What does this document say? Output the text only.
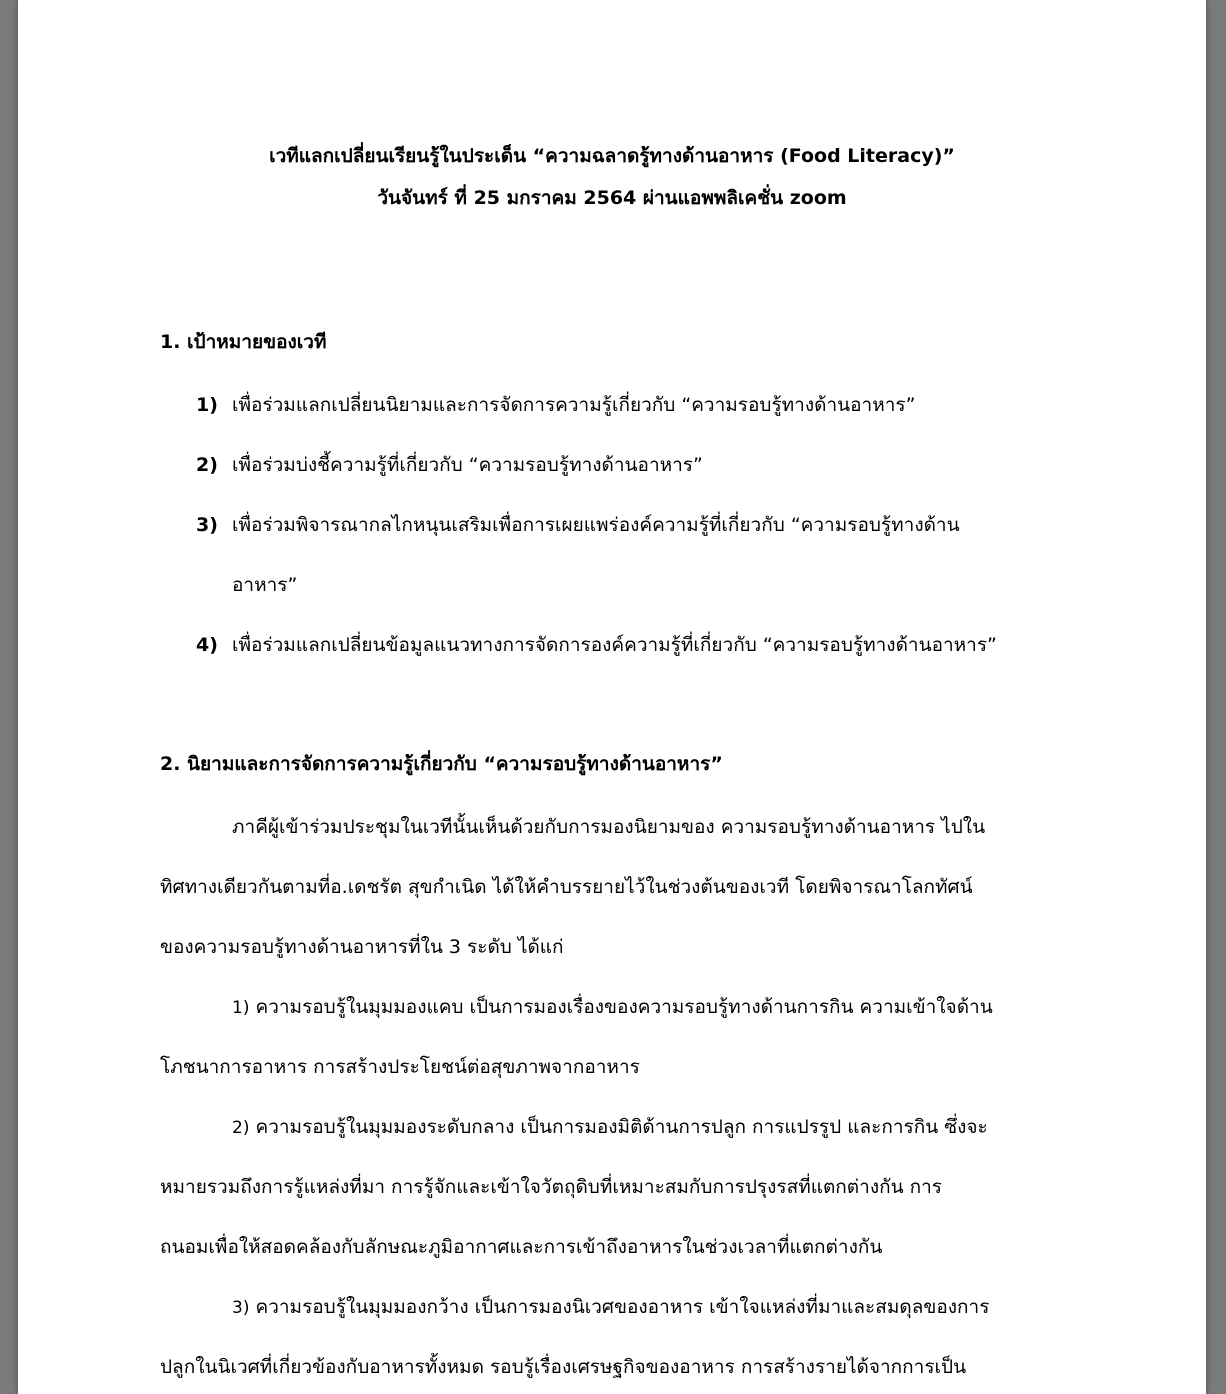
เวทีแลกเปลี่ยนเรียนรู้ในประเด็น “ความฉลาดรู้ทางด้านอาหาร (Food Literacy)”
วันจันทร์ ที่ 25 มกราคม 2564 ผ่านแอพพลิเคชั่น zoom
1. เป้าหมายของเวที
1) เพื่อร่วมแลกเปลี่ยนนิยามและการจัดการความรู้เกี่ยวกับ “ความรอบรู้ทางด้านอาหาร”
2) เพื่อร่วมบ่งชี้ความรู้ที่เกี่ยวกับ “ความรอบรู้ทางด้านอาหาร”
3) เพื่อร่วมพิจารณากลไกหนุนเสริมเพื่อการเผยแพร่องค์ความรู้ที่เกี่ยวกับ “ความรอบรู้ทางด้าน
อาหาร”
4) เพื่อร่วมแลกเปลี่ยนข้อมูลแนวทางการจัดการองค์ความรู้ที่เกี่ยวกับ “ความรอบรู้ทางด้านอาหาร”
2. นิยามและการจัดการความรู้เกี่ยวกับ “ความรอบรู้ทางด้านอาหาร”
ภาคีผู้เข้าร่วมประชุมในเวทีนั้นเห็นด้วยกับการมองนิยามของ ความรอบรู้ทางด้านอาหาร ไปใน
ทิศทางเดียวกันตามที่อ.เดชรัต สุขกำเนิด ได้ให้คำบรรยายไว้ในช่วงต้นของเวที โดยพิจารณาโลกทัศน์
ของความรอบรู้ทางด้านอาหารที่ใน 3 ระดับ ได้แก่
1) ความรอบรู้ในมุมมองแคบ เป็นการมองเรื่องของความรอบรู้ทางด้านการกิน ความเข้าใจด้าน
โภชนาการอาหาร การสร้างประโยชน์ต่อสุขภาพจากอาหาร
2) ความรอบรู้ในมุมมองระดับกลาง เป็นการมองมิติด้านการปลูก การแปรรูป และการกิน ซึ่งจะ
หมายรวมถึงการรู้แหล่งที่มา การรู้จักและเข้าใจวัตถุดิบที่เหมาะสมกับการปรุงรสที่แตกต่างกัน การ
ถนอมเพื่อให้สอดคล้องกับลักษณะภูมิอากาศและการเข้าถึงอาหารในช่วงเวลาที่แตกต่างกัน
3) ความรอบรู้ในมุมมองกว้าง เป็นการมองนิเวศของอาหาร เข้าใจแหล่งที่มาและสมดุลของการ
ปลูกในนิเวศที่เกี่ยวข้องกับอาหารทั้งหมด รอบรู้เรื่องเศรษฐกิจของอาหาร การสร้างรายได้จากการเป็น
